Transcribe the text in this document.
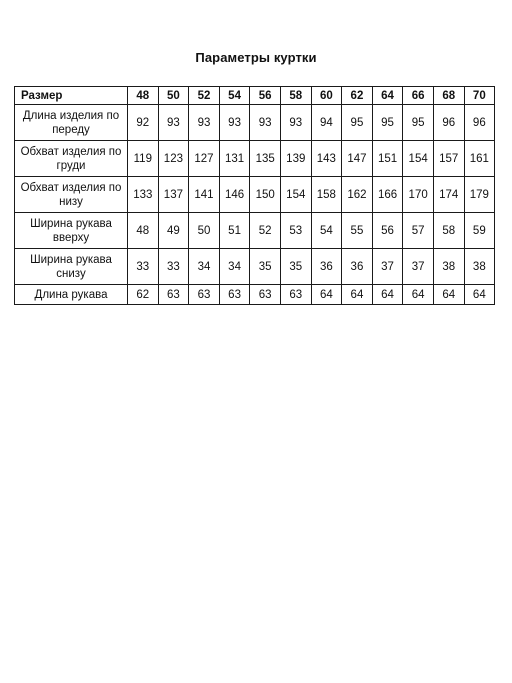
Параметры куртки
Размер	48	50	52	54	56	58	60	62	64	66	68	70
Длина изделия по переду	92	93	93	93	93	93	94	95	95	95	96	96
Обхват изделия по груди	119	123	127	131	135	139	143	147	151	154	157	161
Обхват изделия по низу	133	137	141	146	150	154	158	162	166	170	174	179
Ширина рукава вверху	48	49	50	51	52	53	54	55	56	57	58	59
Ширина рукава снизу	33	33	34	34	35	35	36	36	37	37	38	38
Длина рукава	62	63	63	63	63	63	64	64	64	64	64	64
